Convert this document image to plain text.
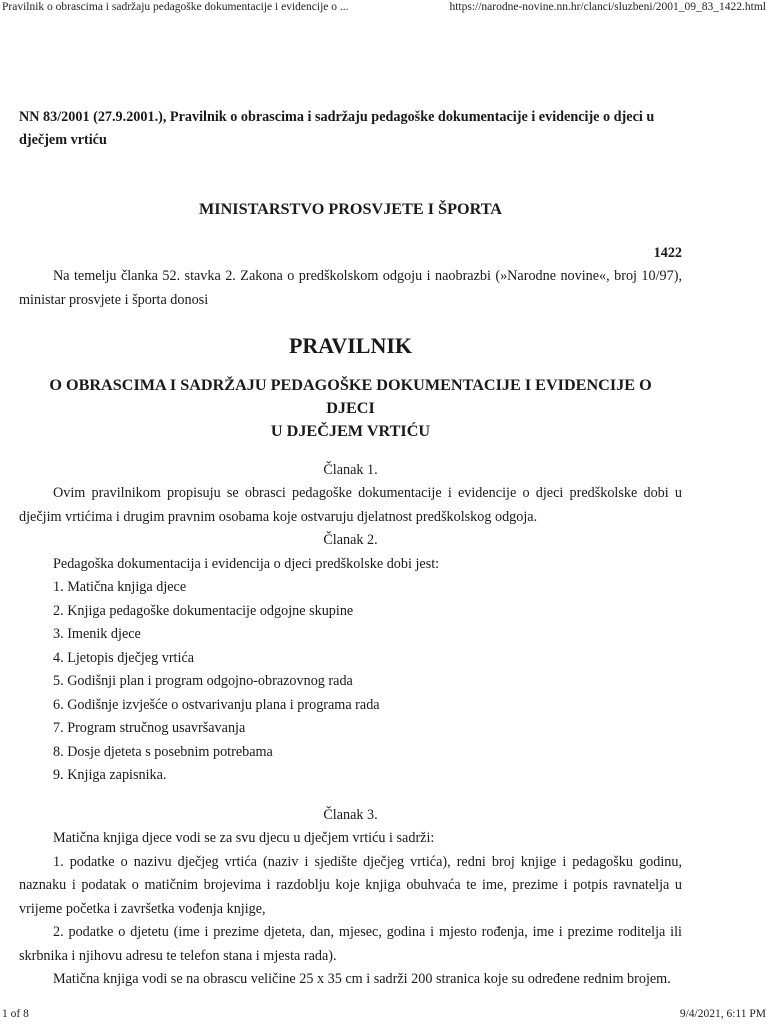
Pravilnik o obrascima i sadržaju pedagoške dokumentacije i evidencije o ...	https://narodne-novine.nn.hr/clanci/sluzbeni/2001_09_83_1422.html

NN 83/2001 (27.9.2001.), Pravilnik o obrascima i sadržaju pedagoške dokumentacije i evidencije o djeci u dječjem vrtiću

MINISTARSTVO PROSVJETE I ŠPORTA

1422

Na temelju članka 52. stavka 2. Zakona o predškolskom odgoju i naobrazbi (»Narodne novine«, broj 10/97), ministar prosvjete i športa donosi

PRAVILNIK

O OBRASCIMA I SADRŽAJU PEDAGOŠKE DOKUMENTACIJE I EVIDENCIJE O DJECI
U DJEČJEM VRTIĆU

Članak 1.

Ovim pravilnikom propisuju se obrasci pedagoške dokumentacije i evidencije o djeci predškolske dobi u dječjim vrtićima i drugim pravnim osobama koje ostvaruju djelatnost predškolskog odgoja.

Članak 2.

Pedagoška dokumentacija i evidencija o djeci predškolske dobi jest:

1. Matična knjiga djece

2. Knjiga pedagoške dokumentacije odgojne skupine

3. Imenik djece

4. Ljetopis dječjeg vrtića

5. Godišnji plan i program odgojno-obrazovnog rada

6. Godišnje izvješće o ostvarivanju plana i programa rada

7. Program stručnog usavršavanja

8. Dosje djeteta s posebnim potrebama

9. Knjiga zapisnika.

Članak 3.

Matična knjiga djece vodi se za svu djecu u dječjem vrtiću i sadrži:

1. podatke o nazivu dječjeg vrtića (naziv i sjedište dječjeg vrtića), redni broj knjige i pedagošku godinu, naznaku i podatak o matičnim brojevima i razdoblju koje knjiga obuhvaća te ime, prezime i potpis ravnatelja u vrijeme početka i završetka vođenja knjige,

2. podatke o djetetu (ime i prezime djeteta, dan, mjesec, godina i mjesto rođenja, ime i prezime roditelja ili skrbnika i njihovu adresu te telefon stana i mjesta rada).

Matična knjiga vodi se na obrascu veličine 25 x 35 cm i sadrži 200 stranica koje su određene rednim brojem.

1 of 8	9/4/2021, 6:11 PM
